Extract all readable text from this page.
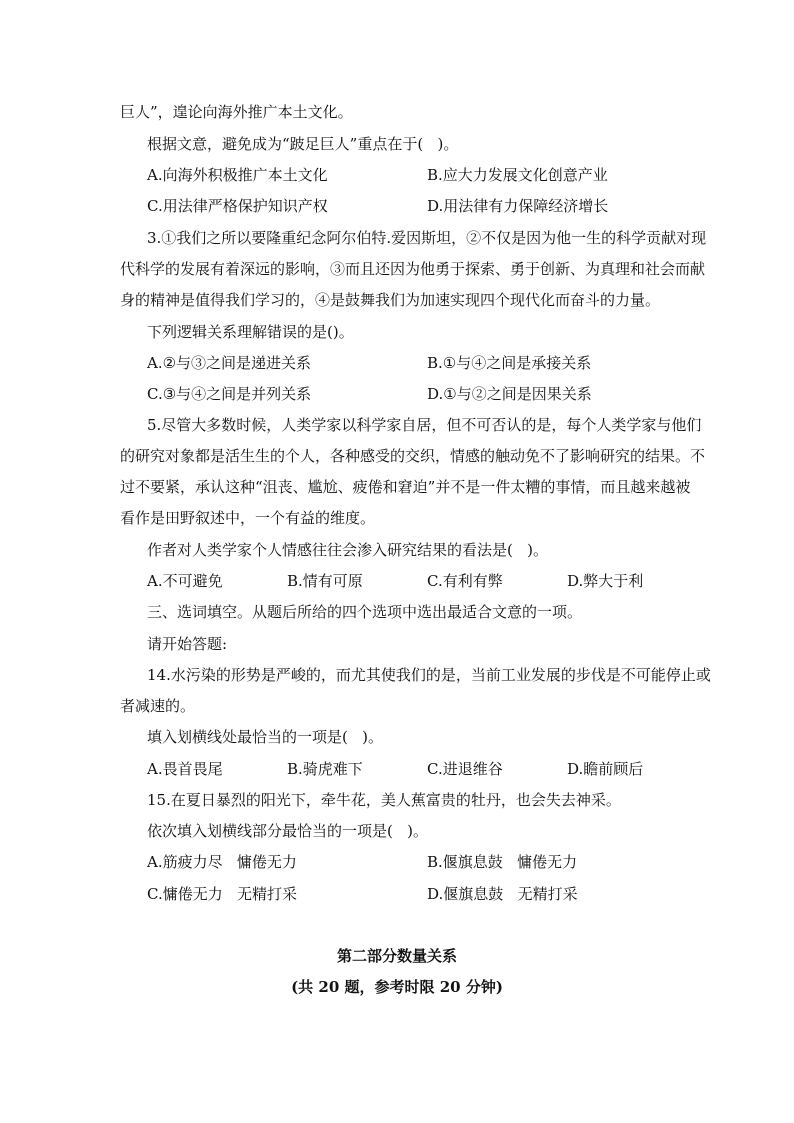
巨人”，遑论向海外推广本土文化。
根据文意，避免成为“跛足巨人”重点在于(   )。
A.向海外积极推广本土文化	B.应大力发展文化创意产业
C.用法律严格保护知识产权	D.用法律有力保障经济增长
3.①我们之所以要隆重纪念阿尔伯特.爱因斯坦，②不仅是因为他一生的科学贡献对现
代科学的发展有着深远的影响，③而且还因为他勇于探索、勇于创新、为真理和社会而献
身的精神是值得我们学习的，④是鼓舞我们为加速实现四个现代化而奋斗的力量。
下列逻辑关系理解错误的是()。
A.②与③之间是递进关系	B.①与④之间是承接关系
C.③与④之间是并列关系	D.①与②之间是因果关系
5.尽管大多数时候，人类学家以科学家自居，但不可否认的是，每个人类学家与他们
的研究对象都是活生生的个人，各种感受的交织，情感的触动免不了影响研究的结果。不
过不要紧，承认这种“沮丧、尴尬、疲倦和窘迫”并不是一件太糟的事情，而且越来越被
看作是田野叙述中，一个有益的维度。
作者对人类学家个人情感往往会渗入研究结果的看法是(   )。
A.不可避免	B.情有可原	C.有利有弊	D.弊大于利
三、选词填空。从题后所给的四个选项中选出最适合文意的一项。
请开始答题:
14.水污染的形势是严峻的，而尤其使我们的是，当前工业发展的步伐是不可能停止或
者减速的。
填入划横线处最恰当的一项是(   )。
A.畏首畏尾	B.骑虎难下	C.进退维谷	D.瞻前顾后
15.在夏日暴烈的阳光下，牵牛花，美人蕉富贵的牡丹，也会失去神采。
依次填入划横线部分最恰当的一项是(   )。
A.筋疲力尽   慵倦无力	B.偃旗息鼓   慵倦无力
C.慵倦无力   无精打采	D.偃旗息鼓   无精打采
第二部分数量关系
(共 20 题，参考时限 20 分钟)
